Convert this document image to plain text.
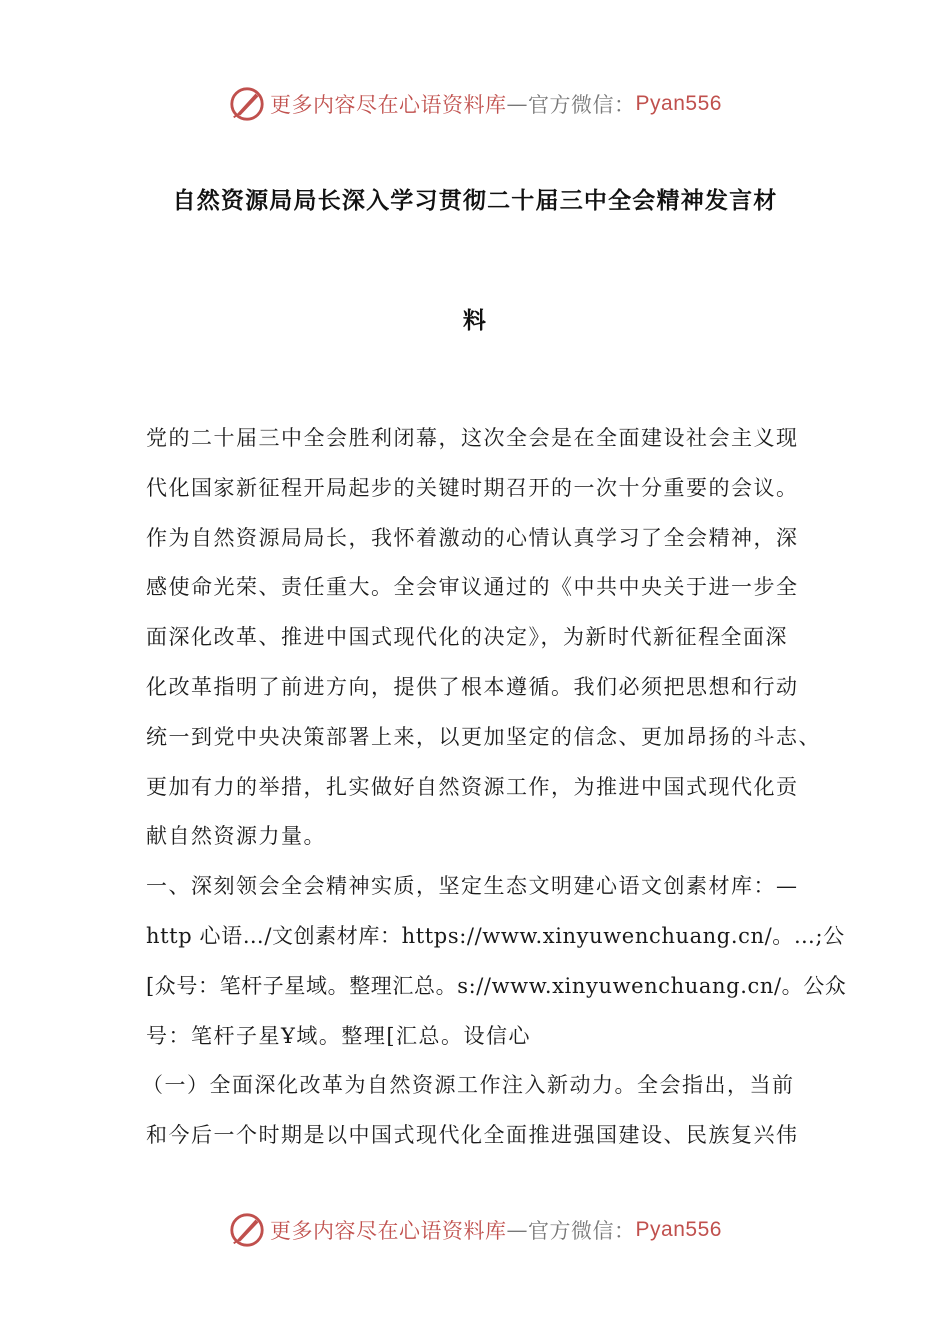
更多内容尽在心语资料库 — 官方微信： Pyan556
自然资源局局长深入学习贯彻二十届三中全会精神发言材
料
党的二十届三中全会胜利闭幕，这次全会是在全面建设社会主义现
代化国家新征程开局起步的关键时期召开的一次十分重要的会议。
作为自然资源局局长，我怀着激动的心情认真学习了全会精神，深
感使命光荣、责任重大。全会审议通过的《中共中央关于进一步全
面深化改革、推进中国式现代化的决定》，为新时代新征程全面深
化改革指明了前进方向，提供了根本遵循。我们必须把思想和行动
统一到党中央决策部署上来，以更加坚定的信念、更加昂扬的斗志、
更加有力的举措，扎实做好自然资源工作，为推进中国式现代化贡
献自然资源力量。
一、深刻领会全会精神实质，坚定生态文明建心语文创素材库：—
http 心语…/文创素材库：https://www.xinyuwenchuang.cn/。…;公
[众号：笔杆子星域。整理汇总。s://www.xinyuwenchuang.cn/。公众
号：笔杆子星Ұ域。整理[汇总。设信心
（一）全面深化改革为自然资源工作注入新动力。全会指出，当前
和今后一个时期是以中国式现代化全面推进强国建设、民族复兴伟
更多内容尽在心语资料库 — 官方微信： Pyan556
